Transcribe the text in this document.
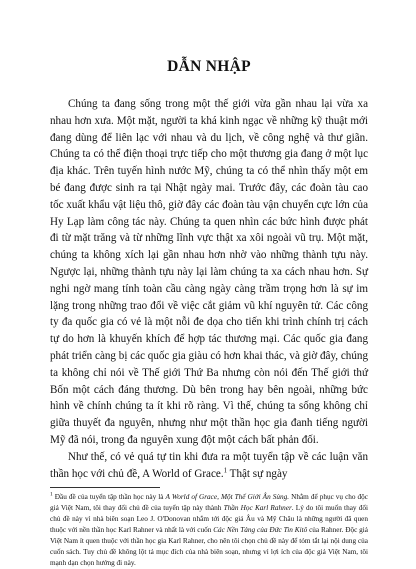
DẪN NHẬP

Chúng ta đang sống trong một thế giới vừa gần nhau lại vừa xa nhau hơn xưa. Một mặt, người ta khá kinh ngạc về những kỹ thuật mới đang dùng để liên lạc với nhau và du lịch, về công nghệ và thư giãn. Chúng ta có thể điện thoại trực tiếp cho một thương gia đang ở một lục địa khác. Trên tuyến hình nước Mỹ, chúng ta có thể nhìn thấy một em bé đang được sinh ra tại Nhật ngày mai. Trước đây, các đoàn tàu cao tốc xuất khẩu vật liệu thô, giờ đây các đoàn tàu vận chuyển cực lớn của Hy Lạp làm công tác này. Chúng ta quen nhìn các bức hình được phát đi từ mặt trăng và từ những lĩnh vực thật xa xôi ngoài vũ trụ. Một mặt, chúng ta không xích lại gần nhau hơn nhờ vào những thành tựu này. Ngược lại, những thành tựu này lại làm chúng ta xa cách nhau hơn. Sự nghi ngờ mang tính toàn cầu càng ngày càng trầm trọng hơn là sự im lặng trong những trao đổi về việc cắt giảm vũ khí nguyên tử. Các công ty đa quốc gia có vẻ là một nỗi đe dọa cho tiến khi trình chính trị cách tự do hơn là khuyến khích để hợp tác thương mại. Các quốc gia đang phát triển càng bị các quốc gia giàu có hơn khai thác, và giờ đây, chúng ta không chỉ nói về Thế giới Thứ Ba nhưng còn nói đến Thế giới thứ Bốn một cách đáng thương. Dù bên trong hay bên ngoài, những bức hình về chính chúng ta ít khi rõ ràng. Vì thế, chúng ta sống không chỉ giữa thuyết đa nguyên, nhưng như một thần học gia đanh tiếng người Mỹ đã nói, trong đa nguyên xung đột một cách bất phản đối.

Như thế, có vẻ quá tự tin khi đưa ra một tuyển tập về các luận văn thần học với chủ đề, A World of Grace.$^1$ Thật sự ngày

$^1$ Đầu đề của tuyển tập thần học này là A World of Grace, Một Thế Giới Ân Sủng. Nhằm để phục vụ cho độc giả Việt Nam, tôi thay đổi chủ đề của tuyển tập này thành Thần Học Karl Rahner. Lý do tôi muốn thay đổi chủ đề này vì nhà biên soạn Leo J. O'Donovan nhắm tới độc giả Âu và Mỹ Châu là những người đã quen thuộc với nền thần học Karl Rahner và nhất là với cuốn Các Nền Tảng của Đức Tin Kitô của Rahner. Độc giả Việt Nam ít quen thuộc với thần học gia Karl Rahner, cho nên tôi chọn chủ đề này để tóm tắt lại nội dung của cuốn sách. Tuy chủ đề không lột tả mục đích của nhà biên soạn, nhưng vì lợi ích của độc giả Việt Nam, tôi mạnh dạn chọn hướng đi này.
